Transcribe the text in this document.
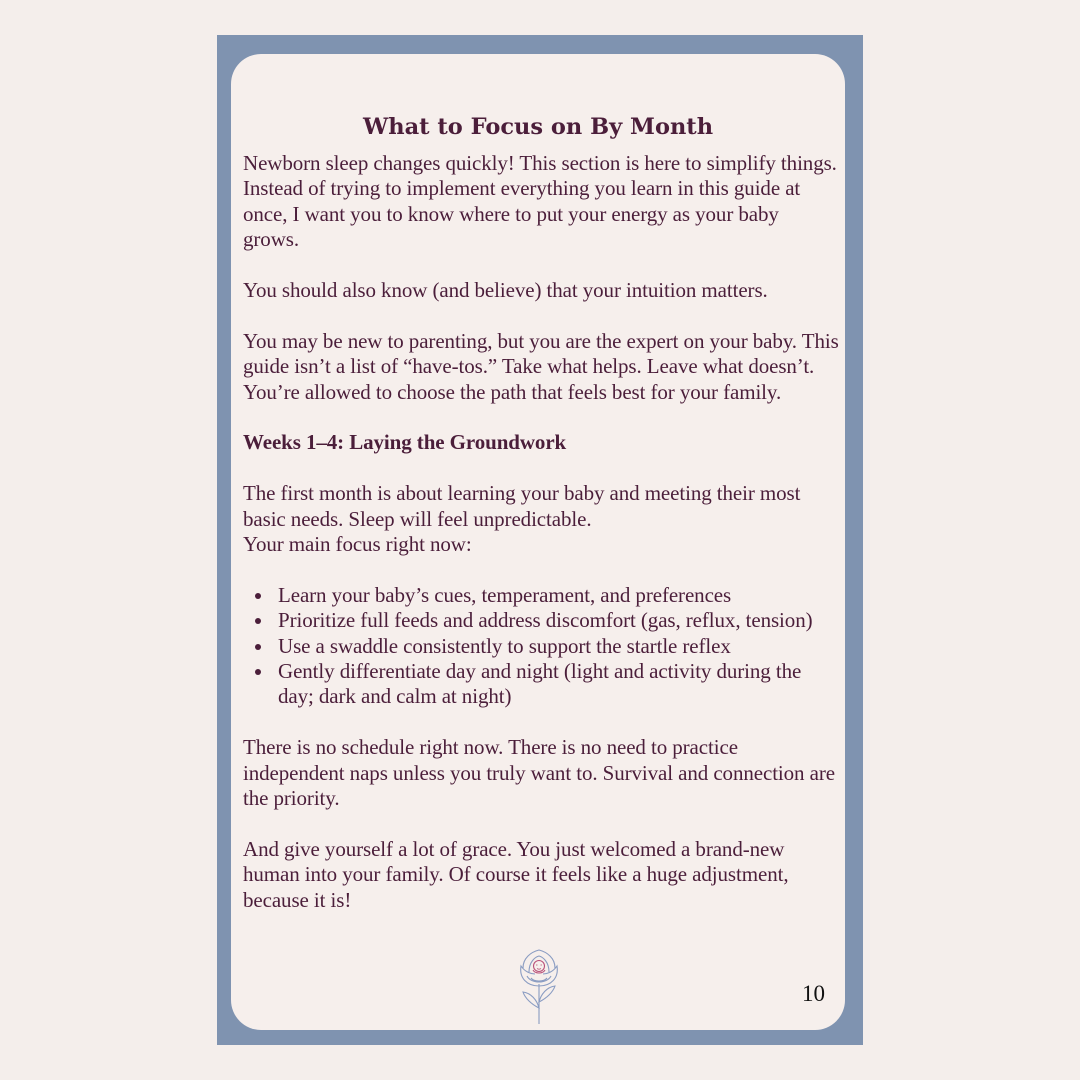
What to Focus on By Month

Newborn sleep changes quickly! This section is here to simplify things. Instead of trying to implement everything you learn in this guide at once, I want you to know where to put your energy as your baby grows.

You should also know (and believe) that your intuition matters.

You may be new to parenting, but you are the expert on your baby. This guide isn’t a list of “have-tos.” Take what helps. Leave what doesn’t. You’re allowed to choose the path that feels best for your family.

Weeks 1–4: Laying the Groundwork

The first month is about learning your baby and meeting their most basic needs. Sleep will feel unpredictable.

Your main focus right now:

Learn your baby’s cues, temperament, and preferences
Prioritize full feeds and address discomfort (gas, reflux, tension)
Use a swaddle consistently to support the startle reflex
Gently differentiate day and night (light and activity during the day; dark and calm at night)

There is no schedule right now. There is no need to practice independent naps unless you truly want to. Survival and connection are the priority.

And give yourself a lot of grace. You just welcomed a brand-new human into your family. Of course it feels like a huge adjustment, because it is!

10
